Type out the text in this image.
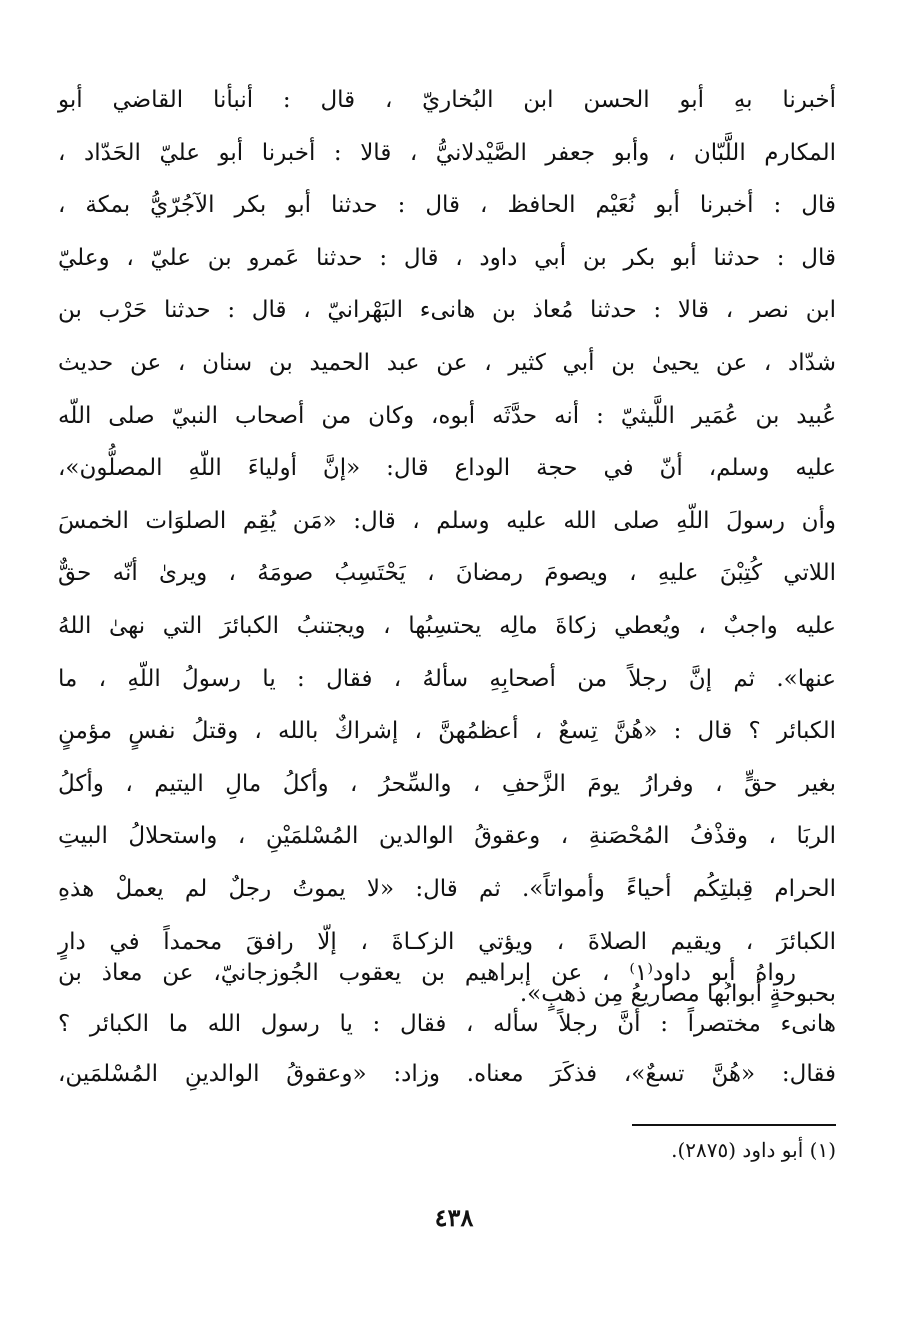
أخبرنا بهِ أبو الحسن ابن البُخاريّ ، قال : أنبأنا القاضي أبو
المكارم اللَّبّان ، وأبو جعفر الصَّيْدلانيُّ ، قالا : أخبرنا أبو عليّ الحَدّاد ،
قال : أخبرنا أبو نُعَيْم الحافظ ، قال : حدثنا أبو بكر الآجُرّيُّ بمكة ،
قال : حدثنا أبو بكر بن أبي داود ، قال : حدثنا عَمرو بن عليّ ، وعليّ
ابن نصر ، قالا : حدثنا مُعاذ بن هانىء البَهْرانيّ ، قال : حدثنا حَرْب بن
شدّاد ، عن يحيىٰ بن أبي كثير ، عن عبد الحميد بن سنان ، عن حديث
عُبيد بن عُمَير اللَّيثيّ : أنه حدَّثَه أبوه، وكان من أصحاب النبيّ صلى اللّه
عليه وسلم، أنّ في حجة الوداع قال: «إنَّ أولياءَ اللّهِ المصلُّون»،
وأن رسولَ اللّهِ صلى الله عليه وسلم ، قال: «مَن يُقِم الصلوَات الخمسَ
اللاتي كُتِبْنَ عليهِ ، ويصومَ رمضانَ ، يَحْتَسِبُ صومَهُ ، ويرىٰ أنّه حقٌّ
عليه واجبٌ ، ويُعطي زكاةَ مالِه يحتسِبُها ، ويجتنبُ الكبائرَ التي نهىٰ اللهُ
عنها». ثم إنَّ رجلاً من أصحابِهِ سألهُ ، فقال : يا رسولُ اللّهِ ، ما
الكبائر ؟ قال : «هُنَّ تِسعٌ ، أعظمُهنَّ ، إشراكٌ بالله ، وقتلُ نفسٍ مؤمنٍ
بغير حقٍّ ، وفرارُ يومَ الزَّحفِ ، والسِّحرُ ، وأكلُ مالِ اليتيم ، وأكلُ
الربَا ، وقذْفُ المُحْصَنةِ ، وعقوقُ الوالدين المُسْلمَيْنِ ، واستحلالُ البيتِ
الحرام قِبلتِكُم أحياءً وأمواتاً». ثم قال: «لا يموتُ رجلٌ لم يعملْ هذهِ
الكبائرَ ، ويقيم الصلاةَ ، ويؤتي الزكـاةَ ، إلّا رافقَ محمداً في دارٍ
بحبوحةٍ أبوابُها مصاريعُ مِن ذهبٍ».
رواهُ أبو داود⁽١⁾ ، عن إبراهيم بن يعقوب الجُوزجانيّ، عن معاذ بن
هانىء مختصراً : أنَّ رجلاً سأله ، فقال : يا رسول الله ما الكبائر ؟
فقال: «هُنَّ تسعٌ»، فذكَرَ معناه. وزاد: «وعقوقُ الوالدينِ المُسْلمَين،

(١) أبو داود (٢٨٧٥).

٤٣٨
